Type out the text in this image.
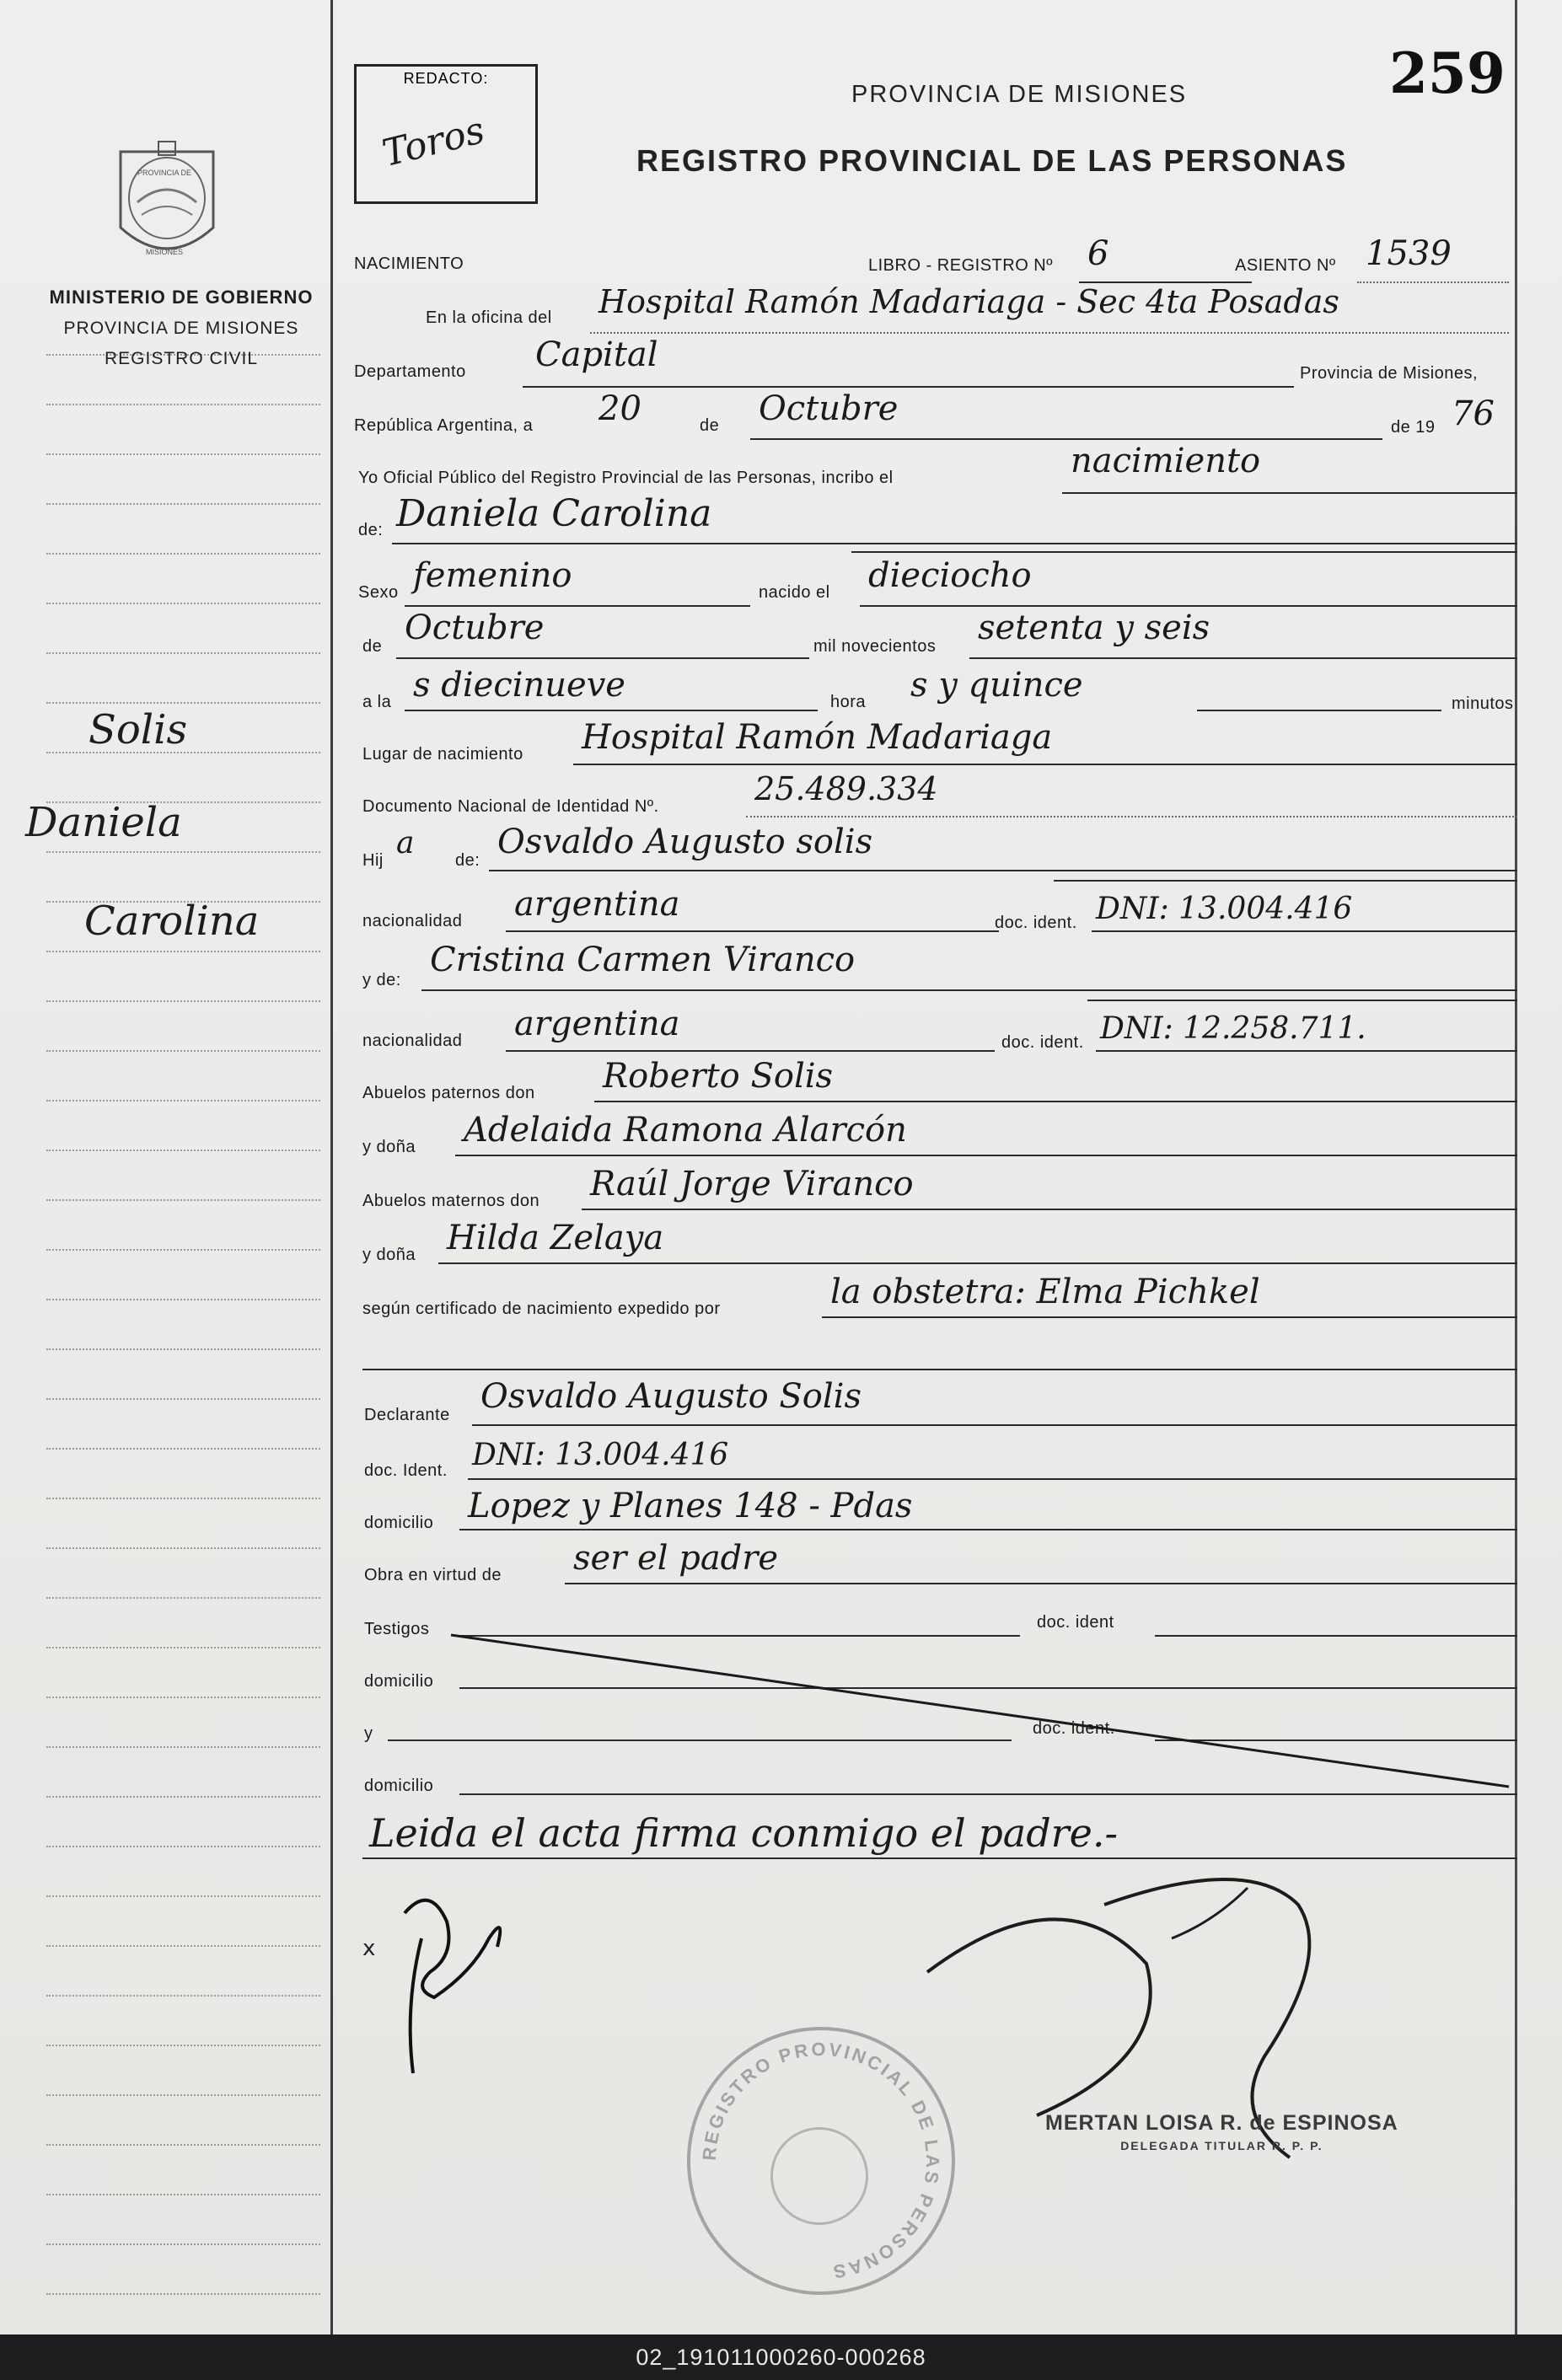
MINISTERIO DE GOBIERNO
PROVINCIA DE MISIONES
REGISTRO CIVIL
Solis
Daniela
Carolina
REDACTO:
Toros
259
PROVINCIA DE MISIONES
REGISTRO PROVINCIAL DE LAS PERSONAS
NACIMIENTO	LIBRO - REGISTRO Nº 6	ASIENTO Nº 1539
En la oficina del Hospital Ramón Madariaga - Sec 4ta Posadas
Departamento Capital	Provincia de Misiones,
República Argentina, a 20	de Octubre	de 19 76
Yo Oficial Público del Registro Provincial de las Personas, incribo el	nacimiento
de: Daniela Carolina
Sexo femenino	nacido el dieciocho
de Octubre	mil novecientos setenta y seis
a la s diecinueve	hora s y quince	minutos
Lugar de nacimiento Hospital Ramón Madariaga
Documento Nacional de Identidad Nº.	25.489.334
Hij a de: Osvaldo Augusto solis
nacionalidad argentina	doc. ident. DNI: 13.004.416
y de:
Cristina Carmen Viranco
nacionalidad argentina	doc. ident. DNI: 12.258.711.
Abuelos paternos don Roberto Solis
y doña Adelaida Ramona Alarcón
Abuelos maternos don Raúl Jorge Viranco
y doña Hilda Zelaya
según certificado de nacimiento expedido por	la obstetra: Elma Pichkel
Declarante Osvaldo Augusto Solis
doc. Ident. DNI: 13.004.416
domicilio Lopez y Planes 148 - Pdas
Obra en virtud de ser el padre
Testigos	doc. ident
domicilio
y	doc. ident.
domicilio
Leida el acta firma conmigo el padre.-
x
REGISTRO PROVINCIAL DE LAS PERSONAS
MERTAN LOISA R. de ESPINOSA
DELEGADA TITULAR R. P. P.
PROVINCIA DE
MISIONES
02_191011000260-000268
